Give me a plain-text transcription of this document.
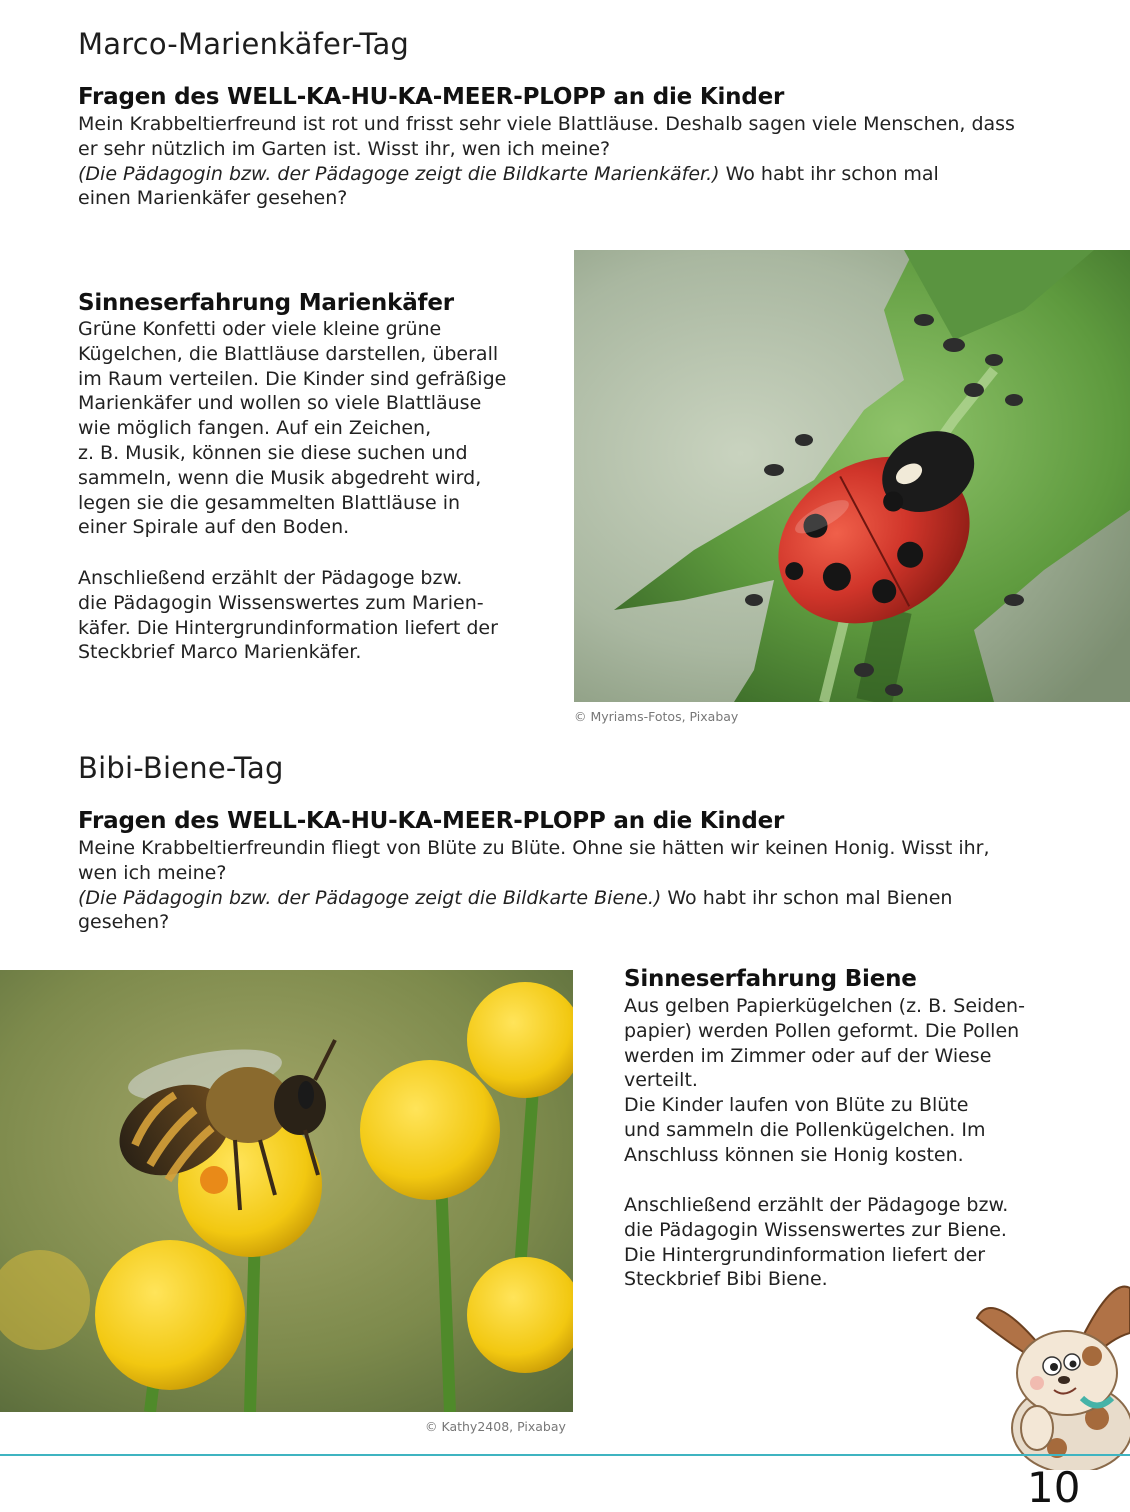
Marco-Marienkäfer-Tag
Fragen des WELL-KA-HU-KA-MEER-PLOPP an die Kinder
Mein Krabbeltierfreund ist rot und frisst sehr viele Blattläuse. Deshalb sagen viele Menschen, dass
er sehr nützlich im Garten ist. Wisst ihr, wen ich meine?
(Die Pädagogin bzw. der Pädagoge zeigt die Bildkarte Marienkäfer.) Wo habt ihr schon mal
einen Marienkäfer gesehen?
Sinneserfahrung Marienkäfer
Grüne Konfetti oder viele kleine grüne
Kügelchen, die Blattläuse darstellen, überall
im Raum verteilen. Die Kinder sind gefräßige
Marienkäfer und wollen so viele Blattläuse
wie möglich fangen. Auf ein Zeichen,
z. B. Musik, können sie diese suchen und
sammeln, wenn die Musik abgedreht wird,
legen sie die gesammelten Blattläuse in
einer Spirale auf den Boden.
Anschließend erzählt der Pädagoge bzw.
die Pädagogin Wissenswertes zum Marien-
käfer. Die Hintergrundinformation liefert der
Steckbrief Marco Marienkäfer.
© Myriams-Fotos, Pixabay
Bibi-Biene-Tag
Fragen des WELL-KA-HU-KA-MEER-PLOPP an die Kinder
Meine Krabbeltierfreundin fliegt von Blüte zu Blüte. Ohne sie hätten wir keinen Honig. Wisst ihr,
wen ich meine?
(Die Pädagogin bzw. der Pädagoge zeigt die Bildkarte Biene.) Wo habt ihr schon mal Bienen
gesehen?
© Kathy2408, Pixabay
Sinneserfahrung Biene
Aus gelben Papierkügelchen (z. B. Seiden-
papier) werden Pollen geformt. Die Pollen
werden im Zimmer oder auf der Wiese
verteilt.
Die Kinder laufen von Blüte zu Blüte
und sammeln die Pollenkügelchen. Im
Anschluss können sie Honig kosten.
Anschließend erzählt der Pädagoge bzw.
die Pädagogin Wissenswertes zur Biene.
Die Hintergrundinformation liefert der
Steckbrief Bibi Biene.
10
